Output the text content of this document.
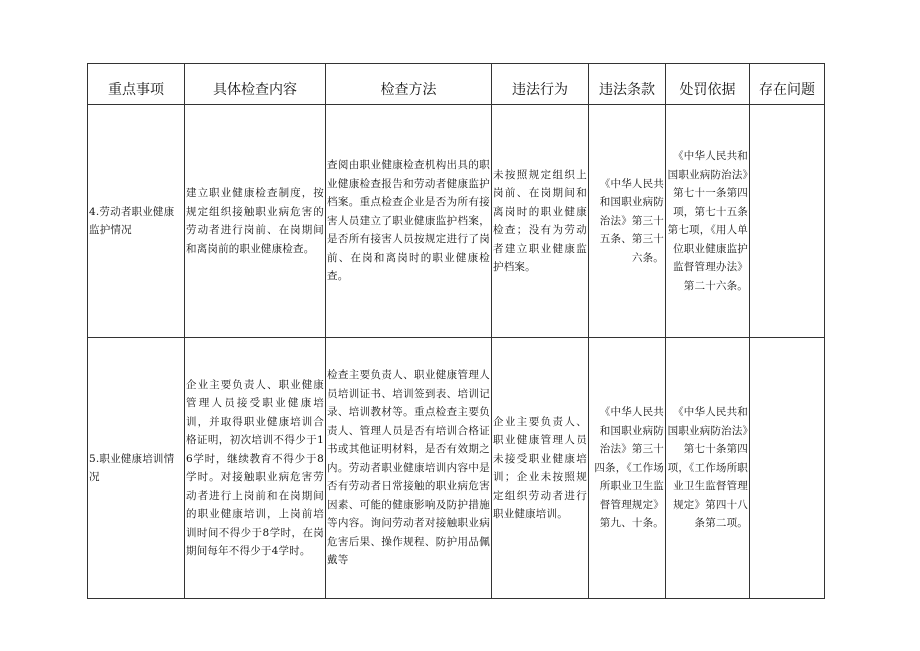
重点事项	具体检查内容	检查方法	违法行为	违法条款	处罚依据	存在问题
4.劳动者职业健康监护情况	建立职业健康检查制度，按规定组织接触职业病危害的劳动者进行岗前、在岗期间和离岗前的职业健康检查。	查阅由职业健康检查机构出具的职业健康检查报告和劳动者健康监护档案。重点检查企业是否为所有接害人员建立了职业健康监护档案，是否所有接害人员按规定进行了岗前、在岗和离岗时的职业健康检查。	未按照规定组织上岗前、在岗期间和离岗时的职业健康检查；没有为劳动者建立职业健康监护档案。	《中华人民共和国职业病防治法》第三十五条、第三十六条。	《中华人民共和国职业病防治法》第七十一条第四项，第七十五条第七项，《用人单位职业健康监护监督管理办法》第二十六条。	
5.职业健康培训情况	企业主要负责人、职业健康管理人员接受职业健康培训，并取得职业健康培训合格证明，初次培训不得少于16学时，继续教育不得少于8学时。对接触职业病危害劳动者进行上岗前和在岗期间的职业健康培训，上岗前培训时间不得少于8学时，在岗期间每年不得少于4学时。	检查主要负责人、职业健康管理人员培训证书、培训签到表、培训记录、培训教材等。重点检查主要负责人、管理人员是否有培训合格证书或其他证明材料，是否有效期之内。劳动者职业健康培训内容中是否有劳动者日常接触的职业病危害因素、可能的健康影响及防护措施等内容。询问劳动者对接触职业病危害后果、操作规程、防护用品佩戴等	企业主要负责人、职业健康管理人员未接受职业健康培训；企业未按照规定组织劳动者进行职业健康培训。	《中华人民共和国职业病防治法》第三十四条，《工作场所职业卫生监督管理规定》第九、十条。	《中华人民共和国职业病防治法》第七十条第四项，《工作场所职业卫生监督管理规定》第四十八条第二项。	
